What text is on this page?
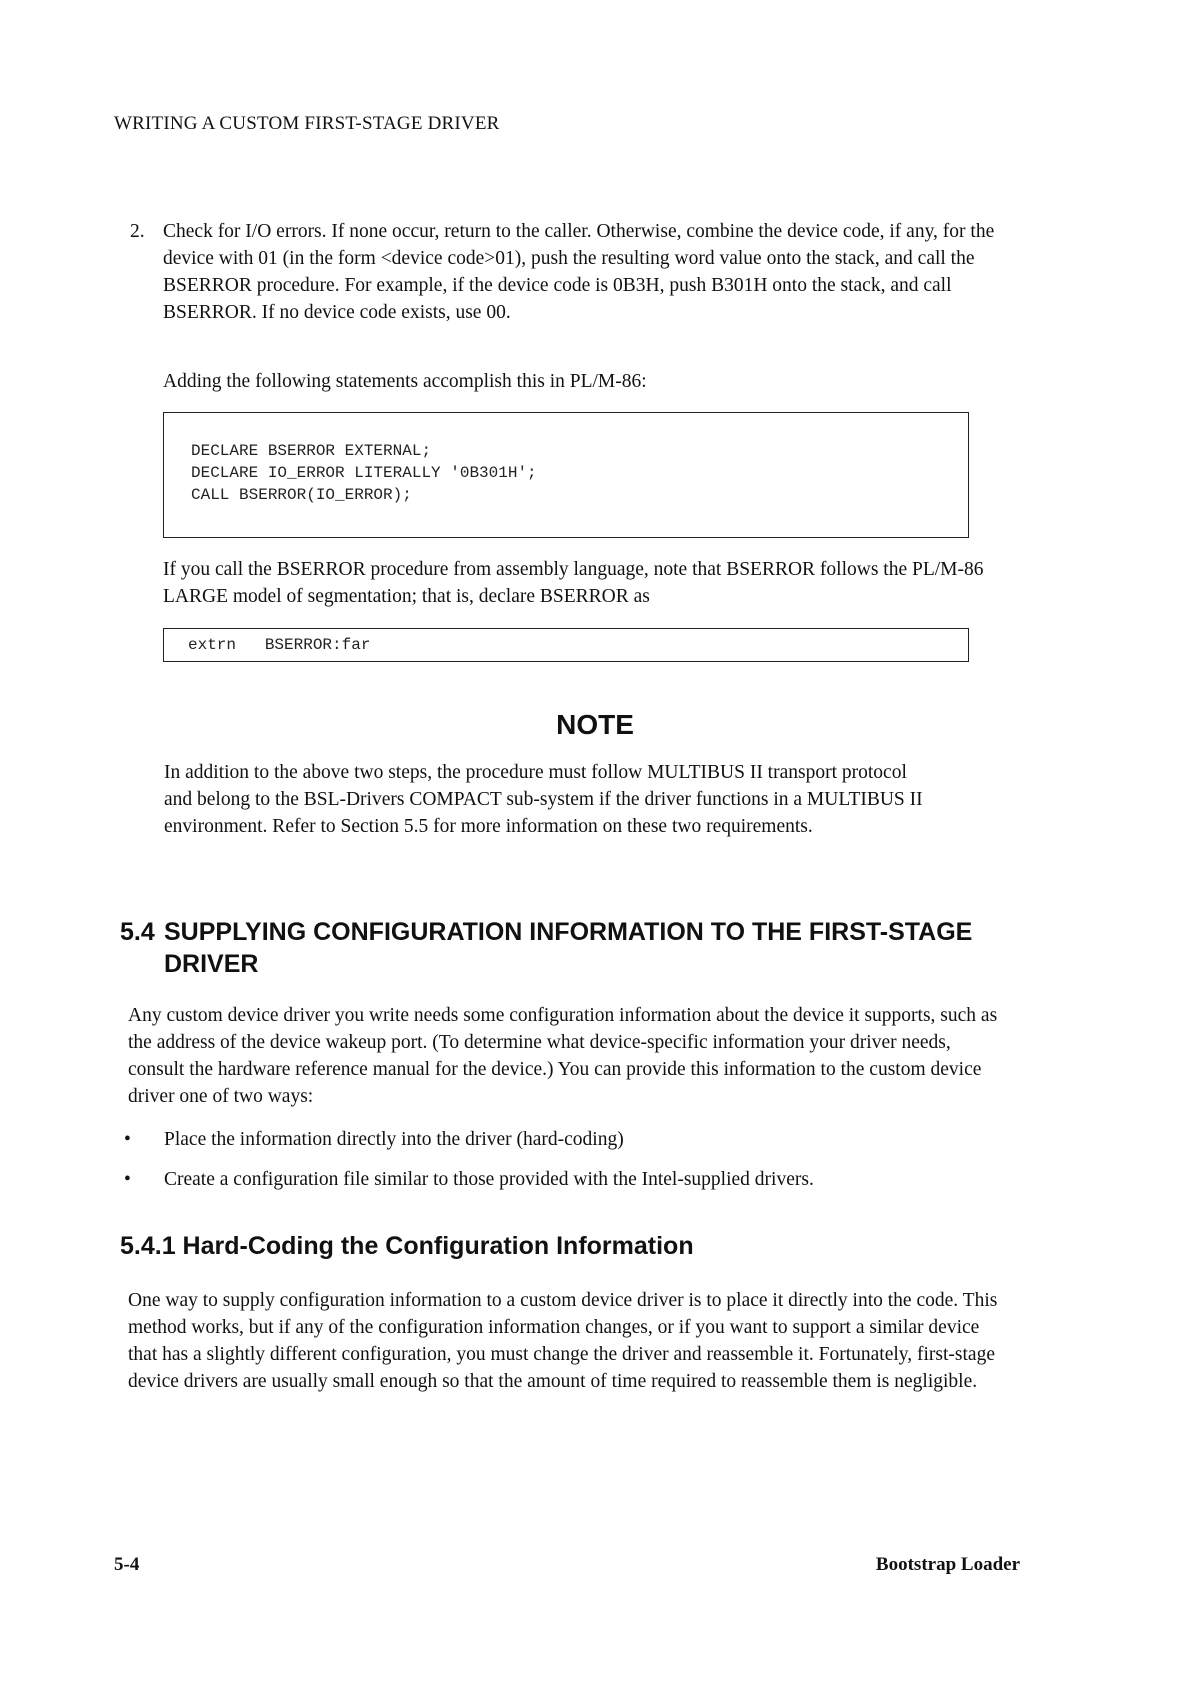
WRITING A CUSTOM FIRST-STAGE DRIVER
2. Check for I/O errors. If none occur, return to the caller. Otherwise, combine the device code, if any, for the device with 01 (in the form <device code>01), push the resulting word value onto the stack, and call the BSERROR procedure. For example, if the device code is 0B3H, push B301H onto the stack, and call BSERROR. If no device code exists, use 00.
Adding the following statements accomplish this in PL/M-86:
DECLARE BSERROR EXTERNAL;
DECLARE IO_ERROR LITERALLY '0B301H';
CALL BSERROR(IO_ERROR);
If you call the BSERROR procedure from assembly language, note that BSERROR follows the PL/M-86 LARGE model of segmentation; that is, declare BSERROR as
extrn   BSERROR:far
NOTE
In addition to the above two steps, the procedure must follow MULTIBUS II transport protocol and belong to the BSL-Drivers COMPACT sub-system if the driver functions in a MULTIBUS II environment. Refer to Section 5.5 for more information on these two requirements.
5.4 SUPPLYING CONFIGURATION INFORMATION TO THE FIRST-STAGE DRIVER
Any custom device driver you write needs some configuration information about the device it supports, such as the address of the device wakeup port. (To determine what device-specific information your driver needs, consult the hardware reference manual for the device.) You can provide this information to the custom device driver one of two ways:
• Place the information directly into the driver (hard-coding)
• Create a configuration file similar to those provided with the Intel-supplied drivers.
5.4.1 Hard-Coding the Configuration Information
One way to supply configuration information to a custom device driver is to place it directly into the code. This method works, but if any of the configuration information changes, or if you want to support a similar device that has a slightly different configuration, you must change the driver and reassemble it. Fortunately, first-stage device drivers are usually small enough so that the amount of time required to reassemble them is negligible.
5-4	Bootstrap Loader
